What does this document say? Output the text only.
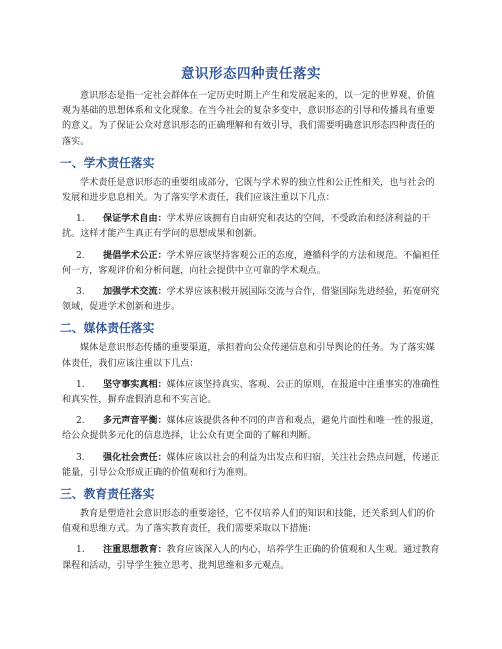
意识形态四种责任落实

意识形态是指一定社会群体在一定历史时期上产生和发展起来的，以一定的世界观、价值观为基础的思想体系和文化现象。在当今社会的复杂多变中，意识形态的引导和传播具有重要的意义。为了保证公众对意识形态的正确理解和有效引导，我们需要明确意识形态四种责任的落实。

一、学术责任落实

学术责任是意识形态的重要组成部分，它既与学术界的独立性和公正性相关，也与社会的发展和进步息息相关。为了落实学术责任，我们应该注重以下几点：

1. 保证学术自由：学术界应该拥有自由研究和表达的空间，不受政治和经济利益的干扰。这样才能产生真正有学问的思想成果和创新。

2. 提倡学术公正：学术界应该坚持客观公正的态度，遵循科学的方法和规范。不偏袒任何一方，客观评价和分析问题，向社会提供中立可靠的学术观点。

3. 加强学术交流：学术界应该积极开展国际交流与合作，借鉴国际先进经验，拓宽研究领域，促进学术创新和进步。

二、媒体责任落实

媒体是意识形态传播的重要渠道，承担着向公众传递信息和引导舆论的任务。为了落实媒体责任，我们应该注重以下几点：

1. 坚守事实真相：媒体应该坚持真实、客观、公正的原则，在报道中注重事实的准确性和真实性，摒弃虚假消息和不实言论。

2. 多元声音平衡：媒体应该提供各种不同的声音和观点，避免片面性和唯一性的报道，给公众提供多元化的信息选择，让公众有更全面的了解和判断。

3. 强化社会责任：媒体应该以社会的利益为出发点和归宿，关注社会热点问题，传递正能量，引导公众形成正确的价值观和行为准则。

三、教育责任落实

教育是塑造社会意识形态的重要途径，它不仅培养人们的知识和技能，还关系到人们的价值观和思维方式。为了落实教育责任，我们需要采取以下措施：

1. 注重思想教育：教育应该深入人的内心，培养学生正确的价值观和人生观。通过教育课程和活动，引导学生独立思考、批判思维和多元观点。
